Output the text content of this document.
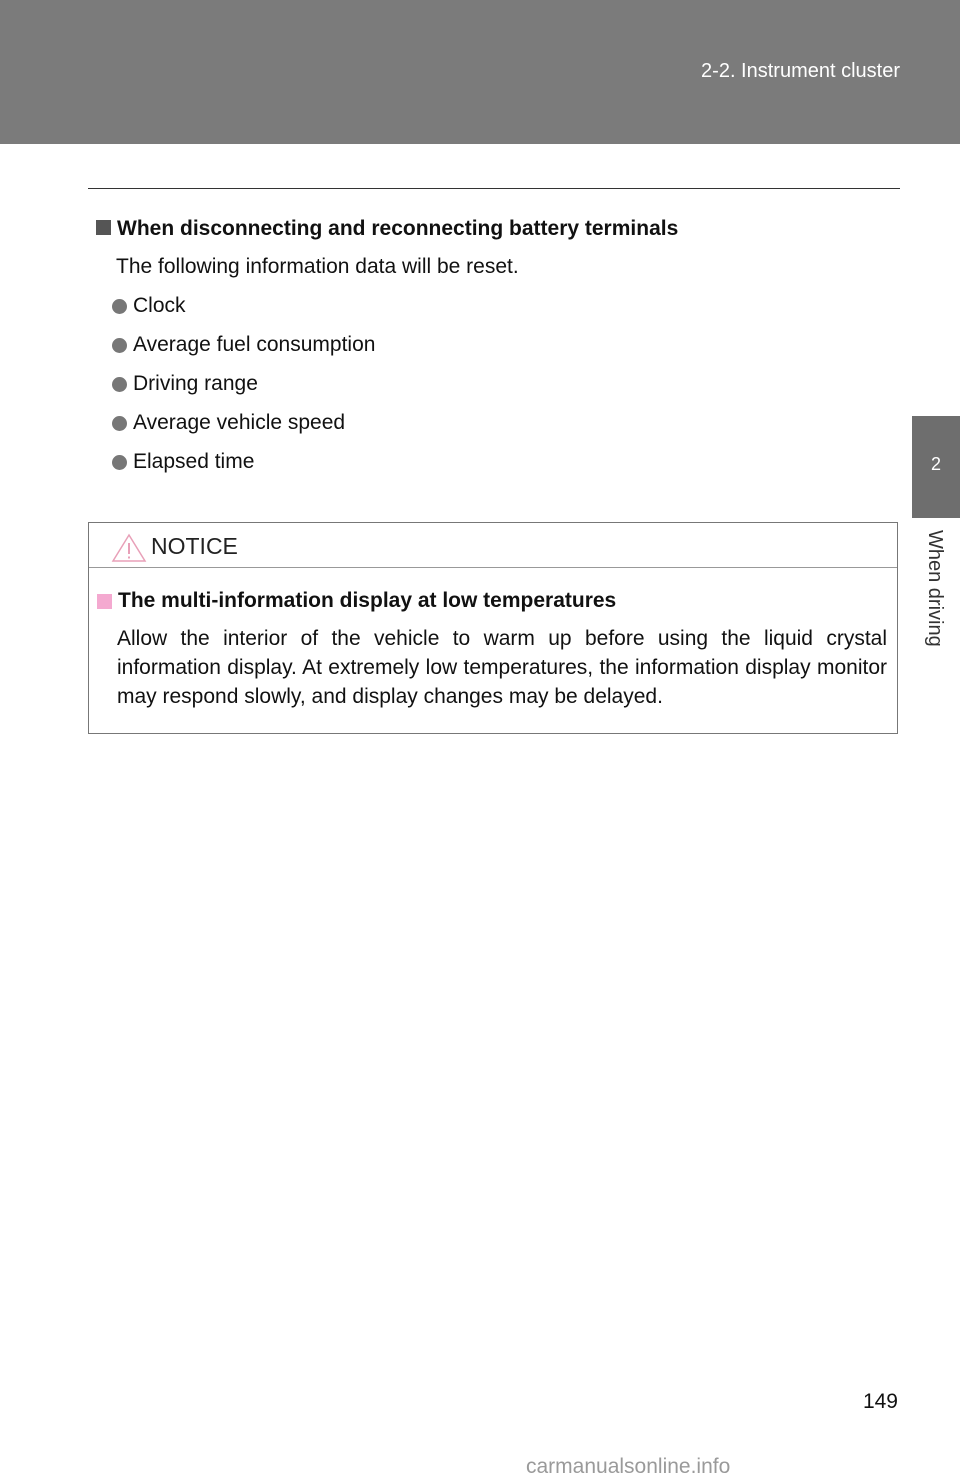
2-2. Instrument cluster
2
When driving
When disconnecting and reconnecting battery terminals
The following information data will be reset.
Clock
Average fuel consumption
Driving range
Average vehicle speed
Elapsed time
NOTICE
The multi-information display at low temperatures
Allow the interior of the vehicle to warm up before using the liquid crystal information display. At extremely low temperatures, the information display monitor may respond slowly, and display changes may be delayed.
149
carmanualsonline.info
